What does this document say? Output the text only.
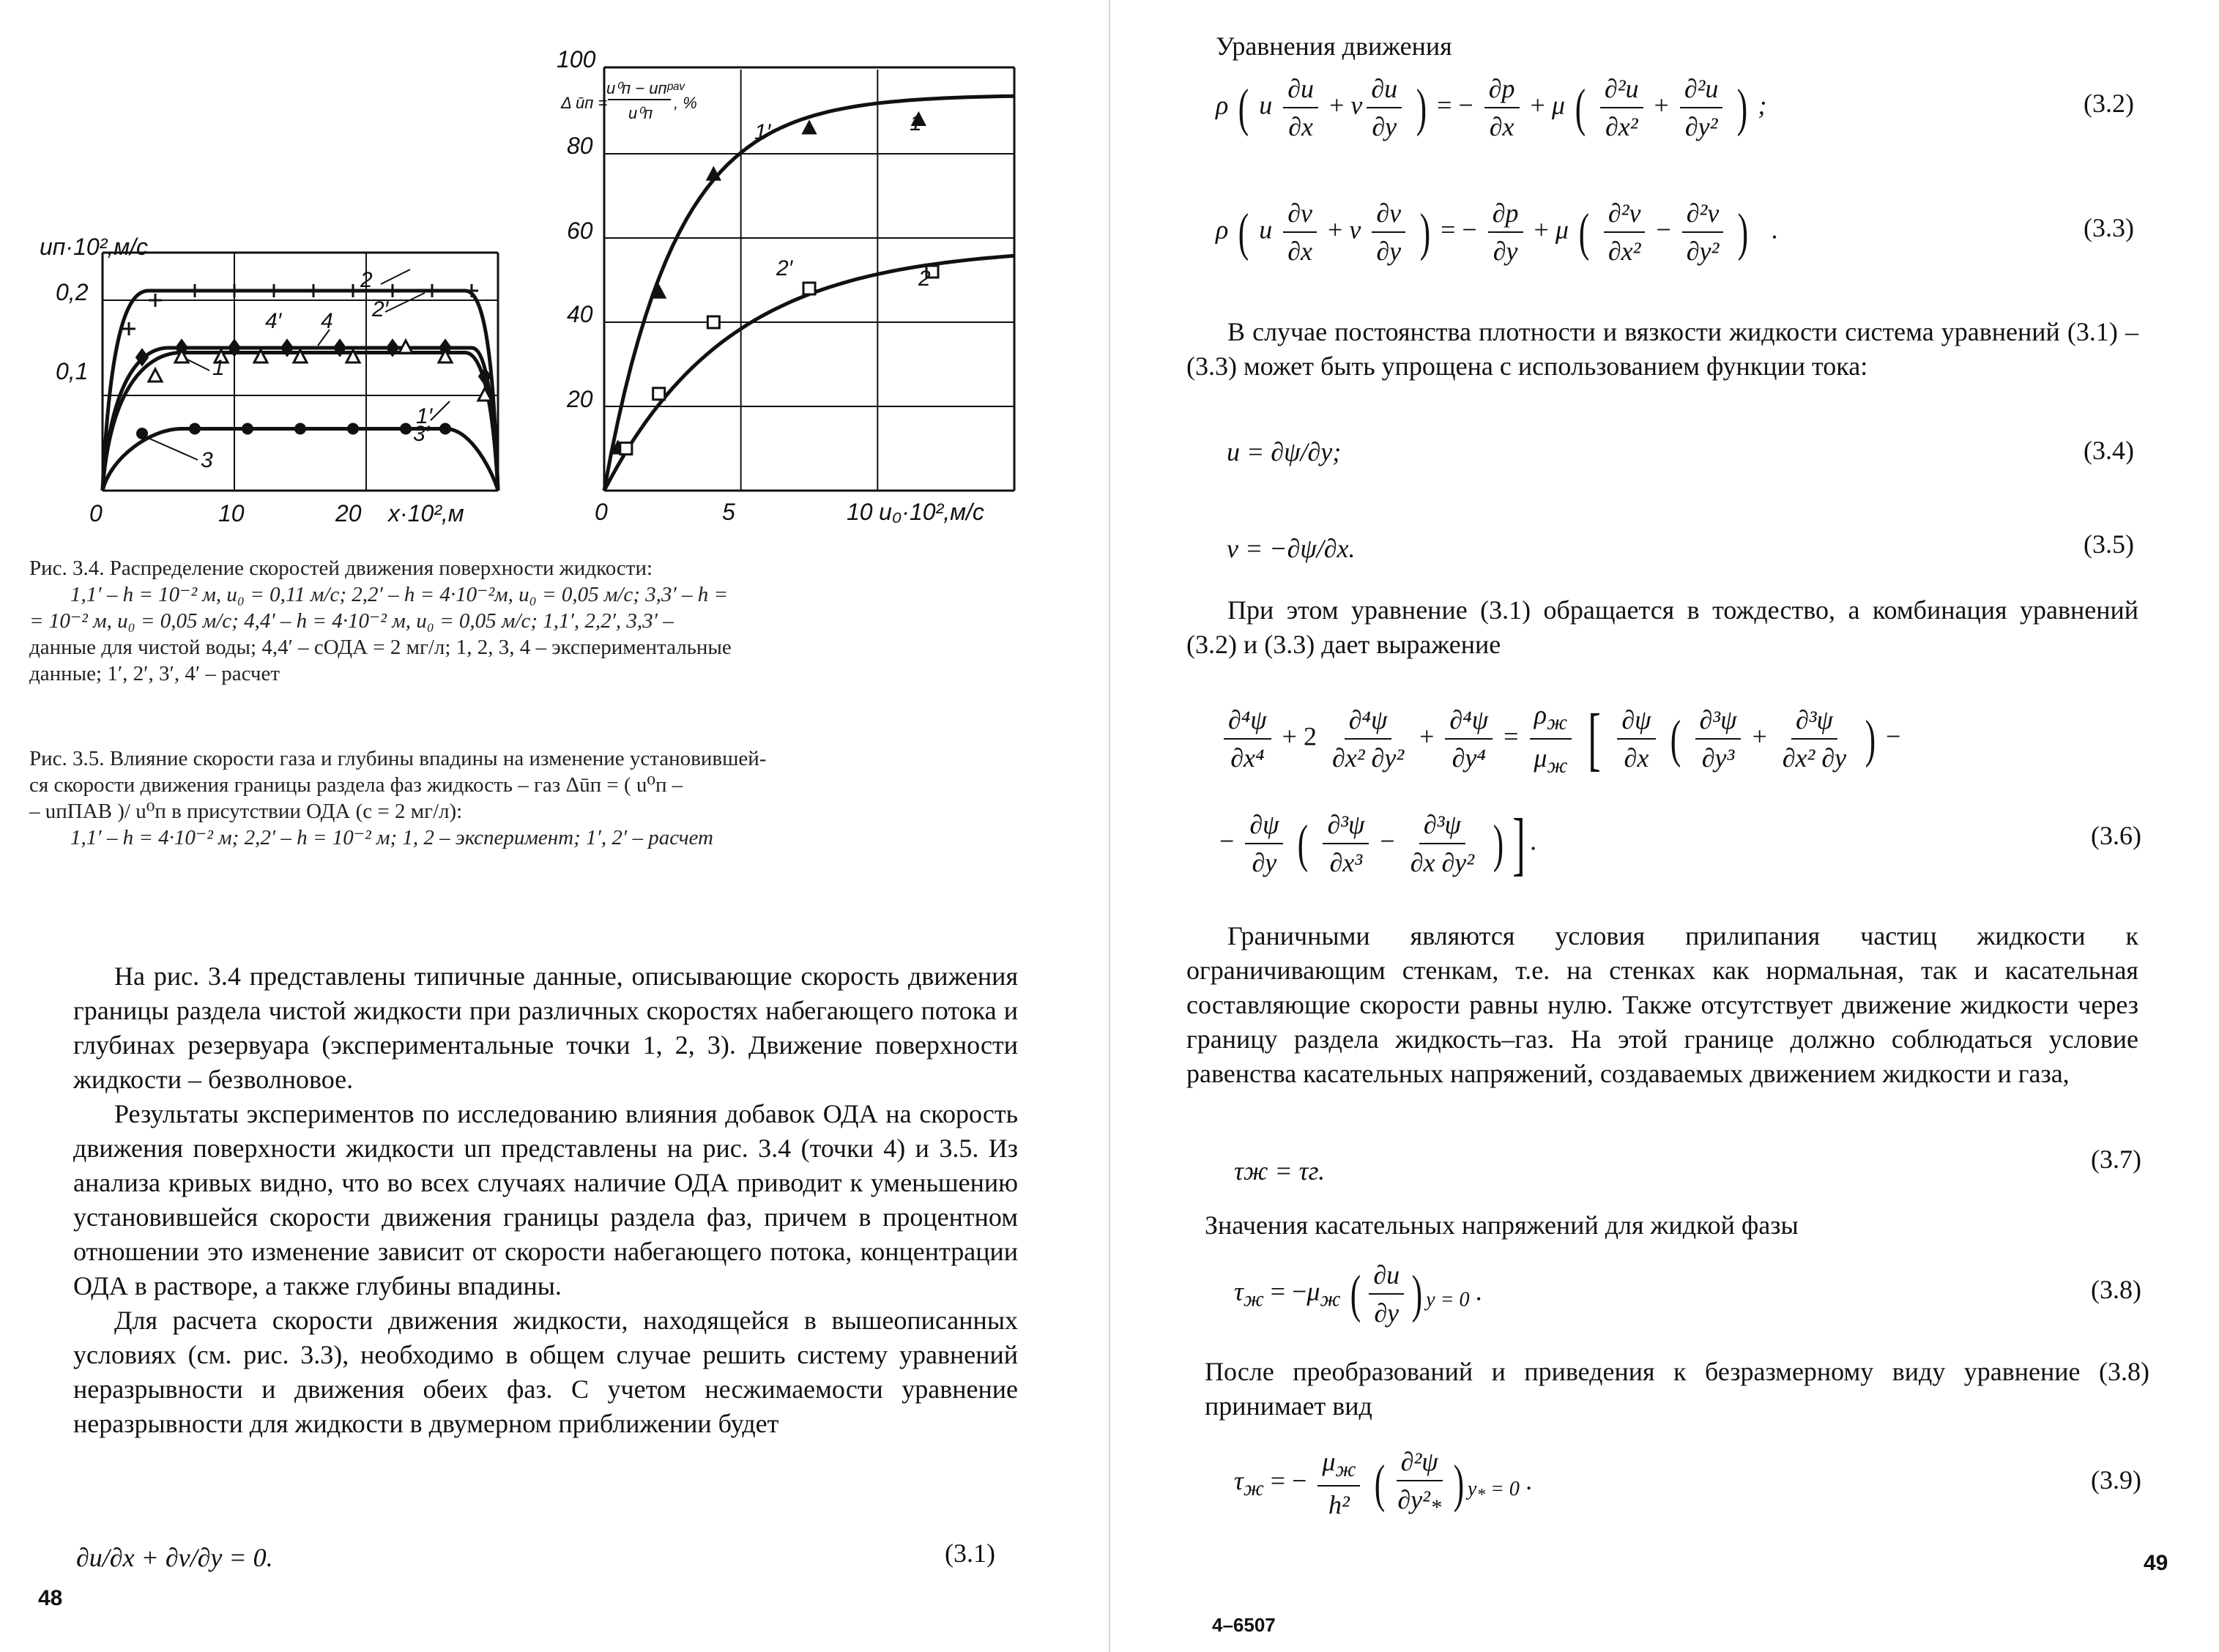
uп·10²,м/c
0,2
0,1
0	10	20 x·10²,м
2
2′
4′ 4
1
1′
3′
3
100
80
60
40
20
0	5	10 u₀·10²,м/c
Δ ūп =
u⁰п − uпᵖᵃᵛ
u⁰п
, %
1′	1
2′	2
Рис. 3.4. Распределение скоростей движения поверхности жидкости:
1,1′ – h = 10⁻² м, u₀ = 0,11 м/c; 2,2′ – h = 4·10⁻²м, u₀ = 0,05 м/c; 3,3′ – h =
= 10⁻² м, u₀ = 0,05 м/c; 4,4′ – h = 4·10⁻² м, u₀ = 0,05 м/c; 1,1′, 2,2′, 3,3′ –
данные для чистой воды; 4,4′ – cОДА = 2 мг/л; 1, 2, 3, 4 – экспериментальные
данные; 1′, 2′, 3′, 4′ – расчет
Рис. 3.5. Влияние скорости газа и глубины впадины на изменение установившей-
ся скорости движения границы раздела фаз жидкость – газ Δūп = ( u⁰п –
– uпПАВ )/ u⁰п в присутствии ОДА (c = 2 мг/л):
1,1′ – h = 4·10⁻² м; 2,2′ – h = 10⁻² м; 1, 2 – эксперимент; 1′, 2′ – расчет

На рис. 3.4 представлены типичные данные, описывающие скорость движения границы раздела чистой жидкости при различных скоростях набегающего потока и глубинах резервуара (экспериментальные точки 1, 2, 3). Движение поверхности жидкости – безволновое.

Результаты экспериментов по исследованию влияния добавок ОДА на скорость движения поверхности жидкости uп представлены на рис. 3.4 (точки 4) и 3.5. Из анализа кривых видно, что во всех случаях наличие ОДА приводит к уменьшению установившейся скорости движения границы раздела фаз, причем в процентном отношении это изменение зависит от скорости набегающего потока, концентрации ОДА в растворе, а также глубины впадины.

Для расчета скорости движения жидкости, находящейся в вышеописанных условиях (см. рис. 3.3), необходимо в общем случае решить систему уравнений неразрывности и движения обеих фаз. С учетом несжимаемости уравнение неразрывности для жидкости в двумерном приближении будет

∂u/∂x + ∂v/∂y = 0.	(3.1)
48
Уравнения движения
ρ ( u $\frac{\partial u}{\partial x} + v \frac{\partial u}{\partial y}$ ) = − $\frac{\partial p}{\partial x} + \mu$ ( $\frac{\text{∂²u}}{\text{∂x²}} + \frac{\text{∂²u}}{\text{∂y²}}$ ) ;	(3.2)
ρ ( u $\frac{\partial v}{\partial x} + v \frac{\partial v}{\partial y}$ ) = − $\frac{\partial p}{\partial y} + \mu$ ( $\frac{\text{∂²v}}{\text{∂x²}} - \frac{\text{∂²v}}{\text{∂y²}}$ ) .	(3.3)

В случае постоянства плотности и вязкости жидкости система уравнений (3.1) – (3.3) может быть упрощена с использованием функции тока:

u = ∂ψ/∂y;	(3.4)
v = −∂ψ/∂x.	(3.5)

При этом уравнение (3.1) обращается в тождество, а комбинация уравнений (3.2) и (3.3) дает выражение

$\frac{\text{∂⁴ψ}}{\text{∂x⁴}} + 2 \frac{\text{∂⁴ψ}}{\text{∂x² ∂y²}} + \frac{\text{∂⁴ψ}}{\text{∂y⁴}} = \frac{\rho_ж}{\mu_ж}$ [ $\frac{\partial\psi}{\partial x}$ ( $\frac{\text{∂³ψ}}{\text{∂y³}} + \frac{\text{∂³ψ}}{\text{∂x² ∂y}}$ ) −
− $\frac{\partial\psi}{\partial y}$ ( $\frac{\text{∂³ψ}}{\text{∂x³}} - \frac{\text{∂³ψ}}{\text{∂x ∂y²}}$ ) ] .	(3.6)

Граничными являются условия прилипания частиц жидкости к ограничивающим стенкам, т.е. на стенках как нормальная, так и касательная составляющие скорости равны нулю. Также отсутствует движение жидкости через границу раздела жидкость–газ. На этой границе должно соблюдаться условие равенства касательных напряжений, создаваемых движением жидкости и газа,

τж = τг.	(3.7)

Значения касательных напряжений для жидкой фазы

$\tau_ж = -\mu_ж$ ( $\frac{\partial u}{\partial y}$ ) $_{y = 0}$ .	(3.8)

После преобразований и приведения к безразмерному виду уравнение (3.8) принимает вид

$\tau_ж$ = − $\frac{\mu_ж}{\text{h²}}$ ( $\frac{\text{∂²ψ}}{\partial y^2_*}$ ) $_{y_* = 0}$ .	(3.9)
49
4–6507
